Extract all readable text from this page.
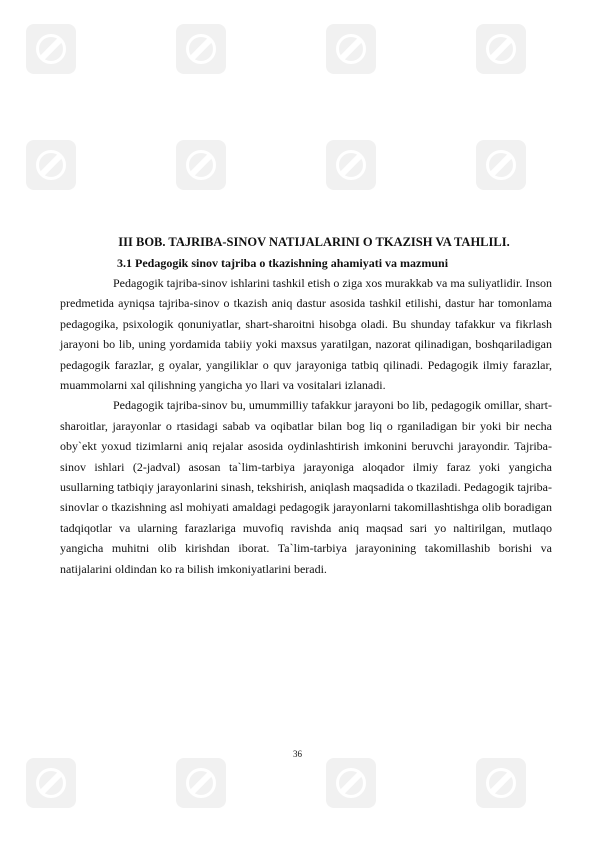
III BOB. TAJRIBA-SINOV NATIJALARINI O TKAZISH VA TAHLILI.
3.1 Pedagogik sinov tajriba o tkazishning ahamiyati va mazmuni

Pedagogik tajriba-sinov ishlarini tashkil etish o ziga xos murakkab va ma suliyatlidir. Inson predmetida ayniqsa tajriba-sinov o tkazish aniq dastur asosida tashkil etilishi, dastur har tomonlama pedagogika, psixologik qonuniyatlar, shart-sharoitni hisobga oladi. Bu shunday tafakkur va fikrlash jarayoni bo lib, uning yordamida tabiiy yoki maxsus yaratilgan, nazorat qilinadigan, boshqariladigan pedagogik farazlar, g oyalar, yangiliklar o quv jarayoniga tatbiq qilinadi. Pedagogik ilmiy farazlar, muammolarni xal qilishning yangicha yo llari va vositalari izlanadi.

Pedagogik tajriba-sinov bu, umummilliy tafakkur jarayoni bo lib, pedagogik omillar, shart-sharoitlar, jarayonlar o rtasidagi sabab va oqibatlar bilan bog liq o rganiladigan bir yoki bir necha oby`ekt yoxud tizimlarni aniq rejalar asosida oydinlashtirish imkonini beruvchi jarayondir. Tajriba-sinov ishlari (2-jadval) asosan ta`lim-tarbiya jarayoniga aloqador ilmiy faraz yoki yangicha usullarning tatbiqiy jarayonlarini sinash, tekshirish, aniqlash maqsadida o tkaziladi. Pedagogik tajriba-sinovlar o tkazishning asl mohiyati amaldagi pedagogik jarayonlarni takomillashtishga olib boradigan tadqiqotlar va ularning farazlariga muvofiq ravishda aniq maqsad sari yo naltirilgan, mutlaqo yangicha muhitni olib kirishdan iborat. Ta`lim-tarbiya jarayonining takomillashib borishi va natijalarini oldindan ko ra bilish imkoniyatlarini beradi.

36
